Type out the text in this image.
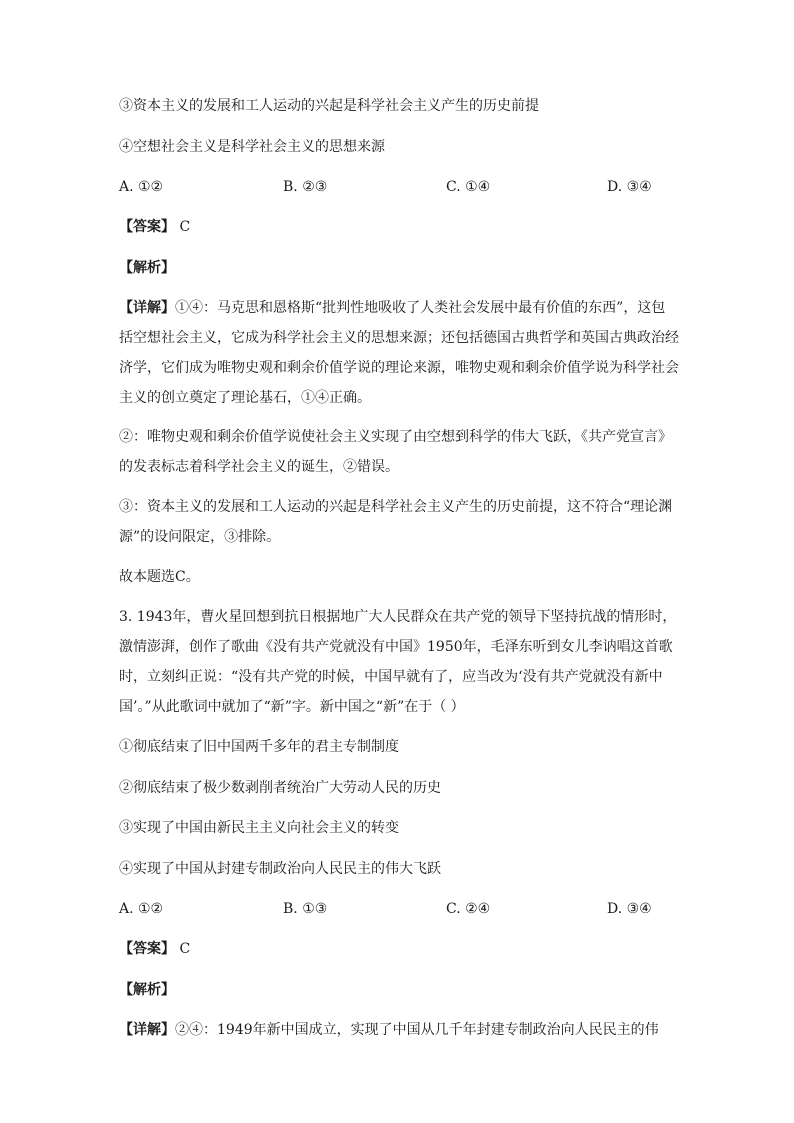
③资本主义的发展和工人运动的兴起是科学社会主义产生的历史前提
④空想社会主义是科学社会主义的思想来源
A. ①②	B. ②③	C. ①④	D. ③④
【答案】 C
【解析】
【详解】①④：马克思和恩格斯“批判性地吸收了人类社会发展中最有价值的东西”，这包
括空想社会主义，它成为科学社会主义的思想来源；还包括德国古典哲学和英国古典政治经
济学，它们成为唯物史观和剩余价值学说的理论来源，唯物史观和剩余价值学说为科学社会
主义的创立奠定了理论基石，①④正确。
②：唯物史观和剩余价值学说使社会主义实现了由空想到科学的伟大飞跃，《共产党宣言》
的发表标志着科学社会主义的诞生，②错误。
③：资本主义的发展和工人运动的兴起是科学社会主义产生的历史前提，这不符合“理论渊
源”的设问限定，③排除。
故本题选C。
3. 1943年，曹火星回想到抗日根据地广大人民群众在共产党的领导下坚持抗战的情形时，
激情澎湃，创作了歌曲《没有共产党就没有中国》1950年，毛泽东听到女儿李讷唱这首歌
时，立刻纠正说：“没有共产党的时候，中国早就有了，应当改为‘没有共产党就没有新中
国’。”从此歌词中就加了“新”字。新中国之“新”在于（ ）
①彻底结束了旧中国两千多年的君主专制制度
②彻底结束了极少数剥削者统治广大劳动人民的历史
③实现了中国由新民主主义向社会主义的转变
④实现了中国从封建专制政治向人民民主的伟大飞跃
A. ①②	B. ①③	C. ②④	D. ③④
【答案】 C
【解析】
【详解】②④：1949年新中国成立，实现了中国从几千年封建专制政治向人民民主的伟
